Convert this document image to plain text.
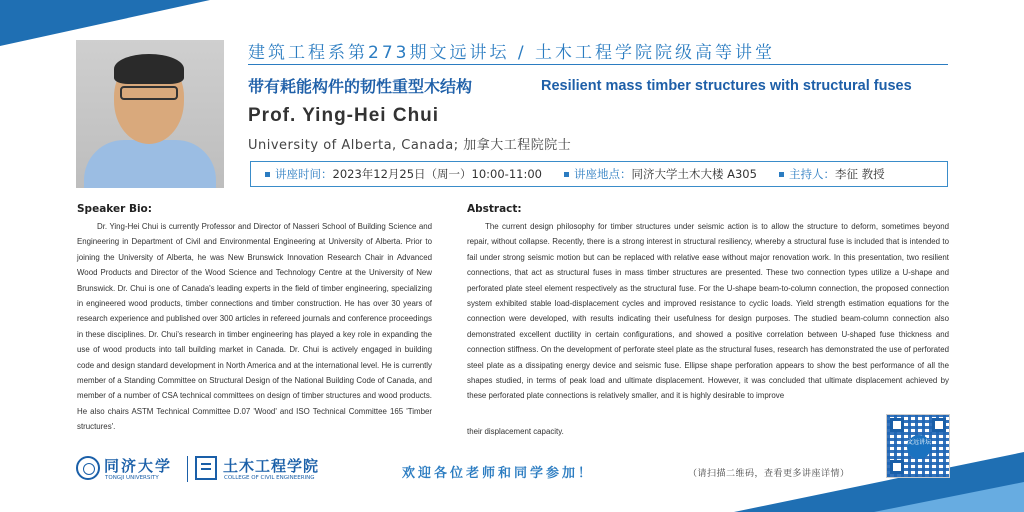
建筑工程系第273期文远讲坛 / 土木工程学院院级高等讲堂
带有耗能构件的韧性重型木结构	Resilient mass timber structures with structural fuses
Prof. Ying-Hei Chui
University of Alberta, Canada; 加拿大工程院院士
讲座时间：2023年12月25日（周一）10:00-11:00	讲座地点：同济大学土木大楼 A305	主持人：李征 教授
Speaker Bio:

Dr. Ying-Hei Chui is currently Professor and Director of Nasseri School of Building Science and Engineering in Department of Civil and Environmental Engineering at University of Alberta. Prior to joining the University of Alberta, he was New Brunswick Innovation Research Chair in Advanced Wood Products and Director of the Wood Science and Technology Centre at the University of New Brunswick. Dr. Chui is one of Canada's leading experts in the field of timber engineering, specializing in engineered wood products, timber connections and timber construction. He has over 30 years of research experience and published over 300 articles in refereed journals and conference proceedings in these disciplines. Dr. Chui's research in timber engineering has played a key role in expanding the use of wood products into tall building market in Canada. Dr. Chui is actively engaged in building code and design standard development in North America and at the international level. He is currently member of a Standing Committee on Structural Design of the National Building Code of Canada, and member of a number of CSA technical committees on design of timber structures and wood products. He also chairs ASTM Technical Committee D.07 'Wood' and ISO Technical Committee 165 'Timber structures'.

Abstract:

The current design philosophy for timber structures under seismic action is to allow the structure to deform, sometimes beyond repair, without collapse. Recently, there is a strong interest in structural resiliency, whereby a structural fuse is included that is intended to fail under strong seismic motion but can be replaced with relative ease without major renovation work. In this presentation, two resilient connections, that act as structural fuses in mass timber structures are presented. These two connection types utilize a U-shape and perforated plate steel element respectively as the structural fuse. For the U-shape beam-to-column connection, the proposed connection system exhibited stable load-displacement cycles and improved resistance to cyclic loads. Yield strength estimation equations for the connection were developed, with results indicating their usefulness for design purposes. The studied beam-column connection also demonstrated excellent ductility in certain configurations, and showed a positive correlation between U-shaped fuse thickness and connection stiffness. On the development of perforate steel plate as the structural fuses, research has demonstrated the use of perforated steel plate as a dissipating energy device and seismic fuse. Ellipse shape perforation appears to show the best performance of all the shapes studied, in terms of peak load and ultimate displacement. However, it was concluded that ultimate displacement achieved by these perforated plate connections is relatively smaller, and it is highly desirable to improve

their displacement capacity.
文远讲坛
同济大学
TONGJI UNIVERSITY
土木工程学院
COLLEGE OF CIVIL ENGINEERING	欢迎各位老师和同学参加！	（请扫描二维码，查看更多讲座详情）
